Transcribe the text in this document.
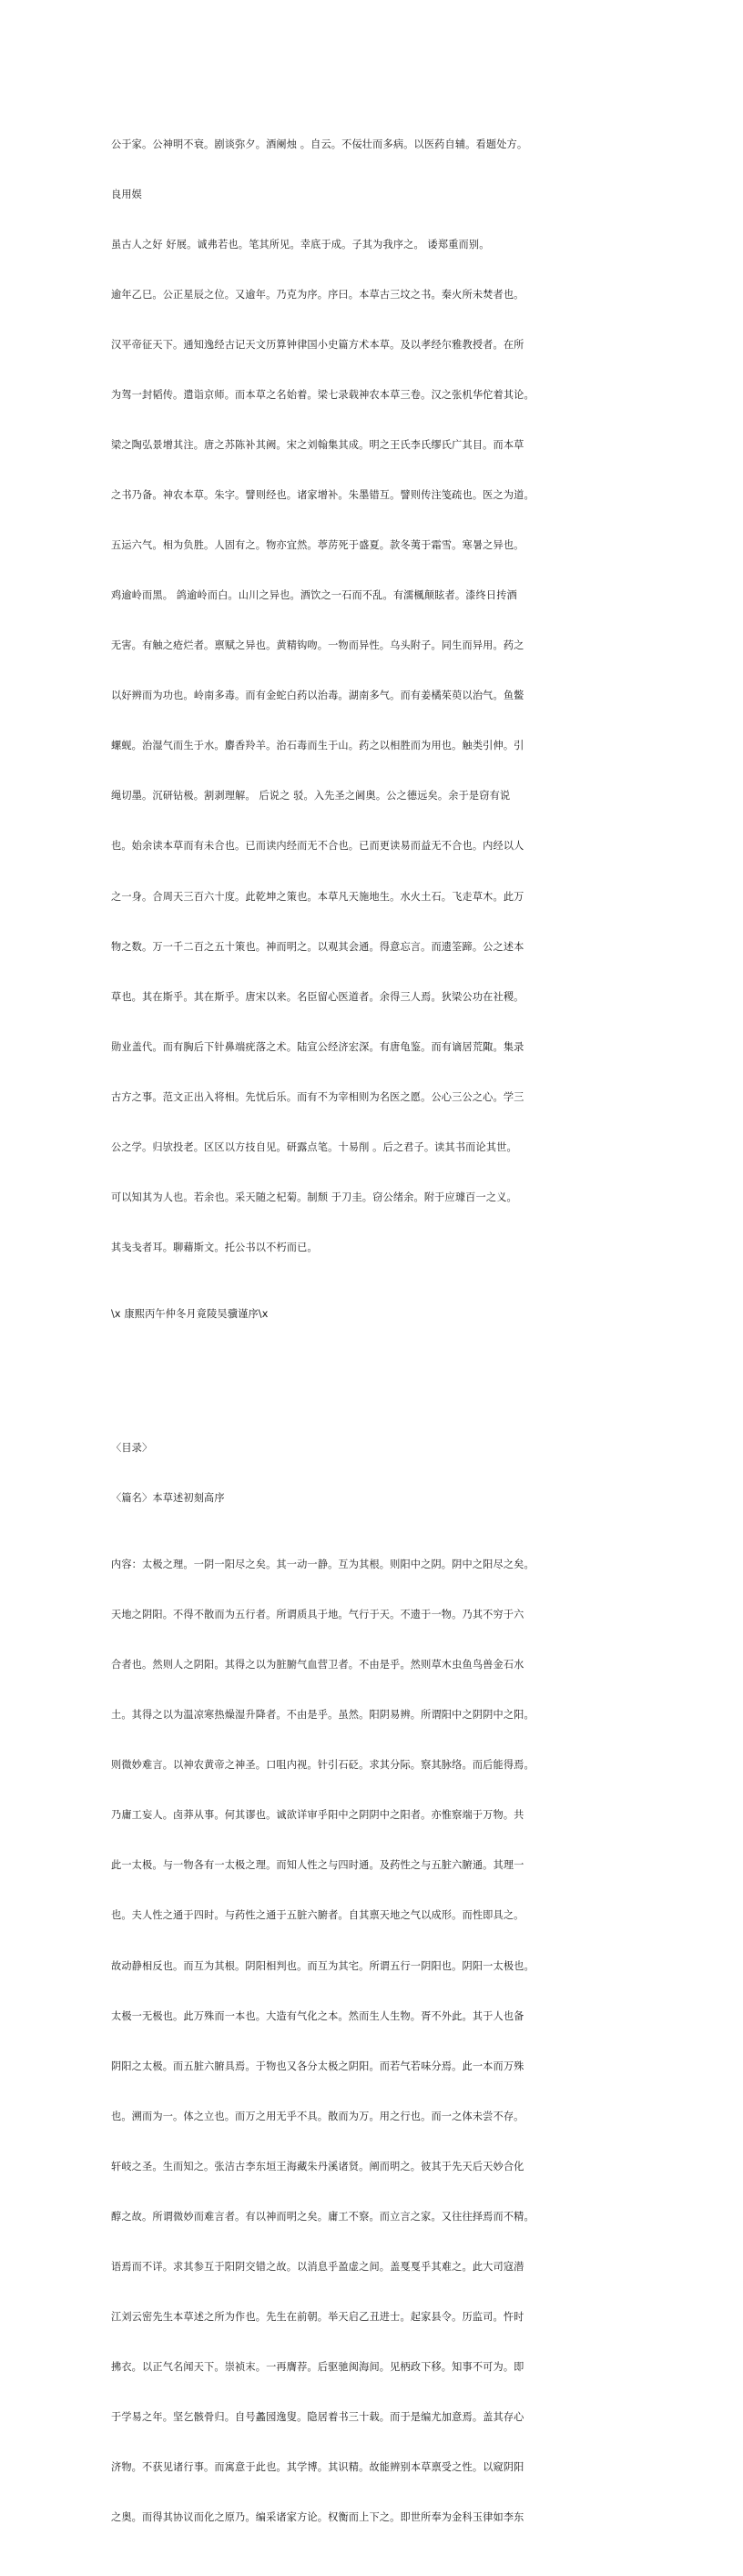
公于家。公神明不衰。剧谈弥夕。酒阑烛 。自云。不佞壮而多病。以医药自辅。看题处方。

良用娱

虽古人之好 好展。诚弗若也。笔其所见。幸底于成。子其为我序之。 诿郑重而别。

逾年乙巳。公正星辰之位。又逾年。乃克为序。序曰。本草古三坟之书。秦火所未焚者也。

汉平帝征天下。通知逸经古记天文历算钟律国小史篇方术本草。及以孝经尔雅教授者。在所

为驾一封韬传。遣诣京师。而本草之名始着。梁七录载神农本草三卷。汉之张机华佗着其论。

梁之陶弘景增其注。唐之苏陈补其阙。宋之刘翰集其成。明之王氏李氏缪氏广其目。而本草

之书乃备。神农本草。朱字。譬则经也。诸家增补。朱墨错互。譬则传注笺疏也。医之为道。

五运六气。相为负胜。人固有之。物亦宜然。葶苈死于盛夏。款冬荑于霜雪。寒暑之异也。

鸡逾岭而黑。 鸽逾岭而白。山川之异也。酒饮之一石而不乱。有濡楓颠眩者。漆终日抟酒

无害。有触之疮烂者。禀赋之异也。黄精钩吻。一物而异性。乌头附子。同生而异用。药之

以好辨而为功也。岭南多毒。而有金蛇白药以治毒。湖南多气。而有姜橘茱萸以治气。鱼鳖

螺蚬。治湿气而生于水。麝香羚羊。治石毒而生于山。药之以相胜而为用也。触类引伸。引

绳切墨。沉研钻极。割剥理解。 后说之 驳。入先圣之阃奥。公之德远矣。余于是窃有说

也。始余读本草而有未合也。已而读内经而无不合也。已而更读易而益无不合也。内经以人

之一身。合周天三百六十度。此乾坤之策也。本草凡天施地生。水火土石。飞走草木。此万

物之数。万一千二百之五十策也。神而明之。以观其会通。得意忘言。而遗筌蹄。公之述本

草也。其在斯乎。其在斯乎。唐宋以来。名臣留心医道者。余得三人焉。狄梁公功在社稷。

勋业盖代。而有胸后下针鼻端疣落之术。陆宣公经济宏深。有唐龟鉴。而有谪居荒陬。集录

古方之事。范文正出入将相。先忧后乐。而有不为宰相则为名医之愿。公心三公之心。学三

公之学。归欤投老。区区以方技自见。研露点笔。十易削 。后之君子。读其书而论其世。

可以知其为人也。若余也。采天随之杞菊。制颓 于刀圭。窃公绪余。附于应璩百一之义。

其戋戋者耳。聊藉斯文。托公书以不朽而已。

\x 康熙丙午仲冬月竟陵吴骥谨序\x

〈目录〉

〈篇名〉本草述初刻高序

内容：太极之理。一阴一阳尽之矣。其一动一静。互为其根。则阳中之阴。阴中之阳尽之矣。

天地之阴阳。不得不散而为五行者。所谓质具于地。气行于天。不遗于一物。乃其不穷于六

合者也。然则人之阴阳。其得之以为脏腑气血营卫者。不由是乎。然则草木虫鱼鸟兽金石水

土。其得之以为温凉寒热燥湿升降者。不由是乎。虽然。阳阴易辨。所谓阳中之阴阴中之阳。

则微妙难言。以神农黄帝之神圣。口咀内视。针引石砭。求其分际。察其脉络。而后能得焉。

乃庸工妄人。卤莽从事。何其谬也。诚欲详审乎阳中之阴阴中之阳者。亦惟察端于万物。共

此一太极。与一物各有一太极之理。而知人性之与四时通。及药性之与五脏六腑通。其理一

也。夫人性之通于四时。与药性之通于五脏六腑者。自其禀天地之气以成形。而性即具之。

故动静相反也。而互为其根。阴阳相判也。而互为其宅。所谓五行一阴阳也。阴阳一太极也。

太极一无极也。此万殊而一本也。大造有气化之本。然而生人生物。胥不外此。其于人也备

阴阳之太极。而五脏六腑具焉。于物也又各分太极之阴阳。而若气若味分焉。此一本而万殊

也。溯而为一。体之立也。而万之用无乎不具。散而为万。用之行也。而一之体未尝不存。

轩岐之圣。生而知之。张洁古李东垣王海藏朱丹溪诸贤。阐而明之。彼其于先天后天妙合化

醇之故。所谓微妙而难言者。有以神而明之矣。庸工不察。而立言之家。又往往择焉而不精。

语焉而不详。求其参互于阳阴交错之故。以消息乎盈虚之间。盖戛戛乎其难之。此大司寇潜

江刘云密先生本草述之所为作也。先生在前朝。举天启乙丑进士。起家县令。历监司。忤时

拂衣。以正气名闻天下。崇祯末。一再膺荐。后驱驰闽海间。见柄政下移。知事不可为。即

于学易之年。坚乞骸骨归。自号蠡园逸叟。隐居着书三十载。而于是编尤加意焉。盖其存心

济物。不获见诸行事。而寓意于此也。其学博。其识精。故能辨别本草禀受之性。以窥阴阳

之奥。而得其协议而化之原乃。编采诸家方论。权衡而上下之。即世所奉为金科玉律如李东
